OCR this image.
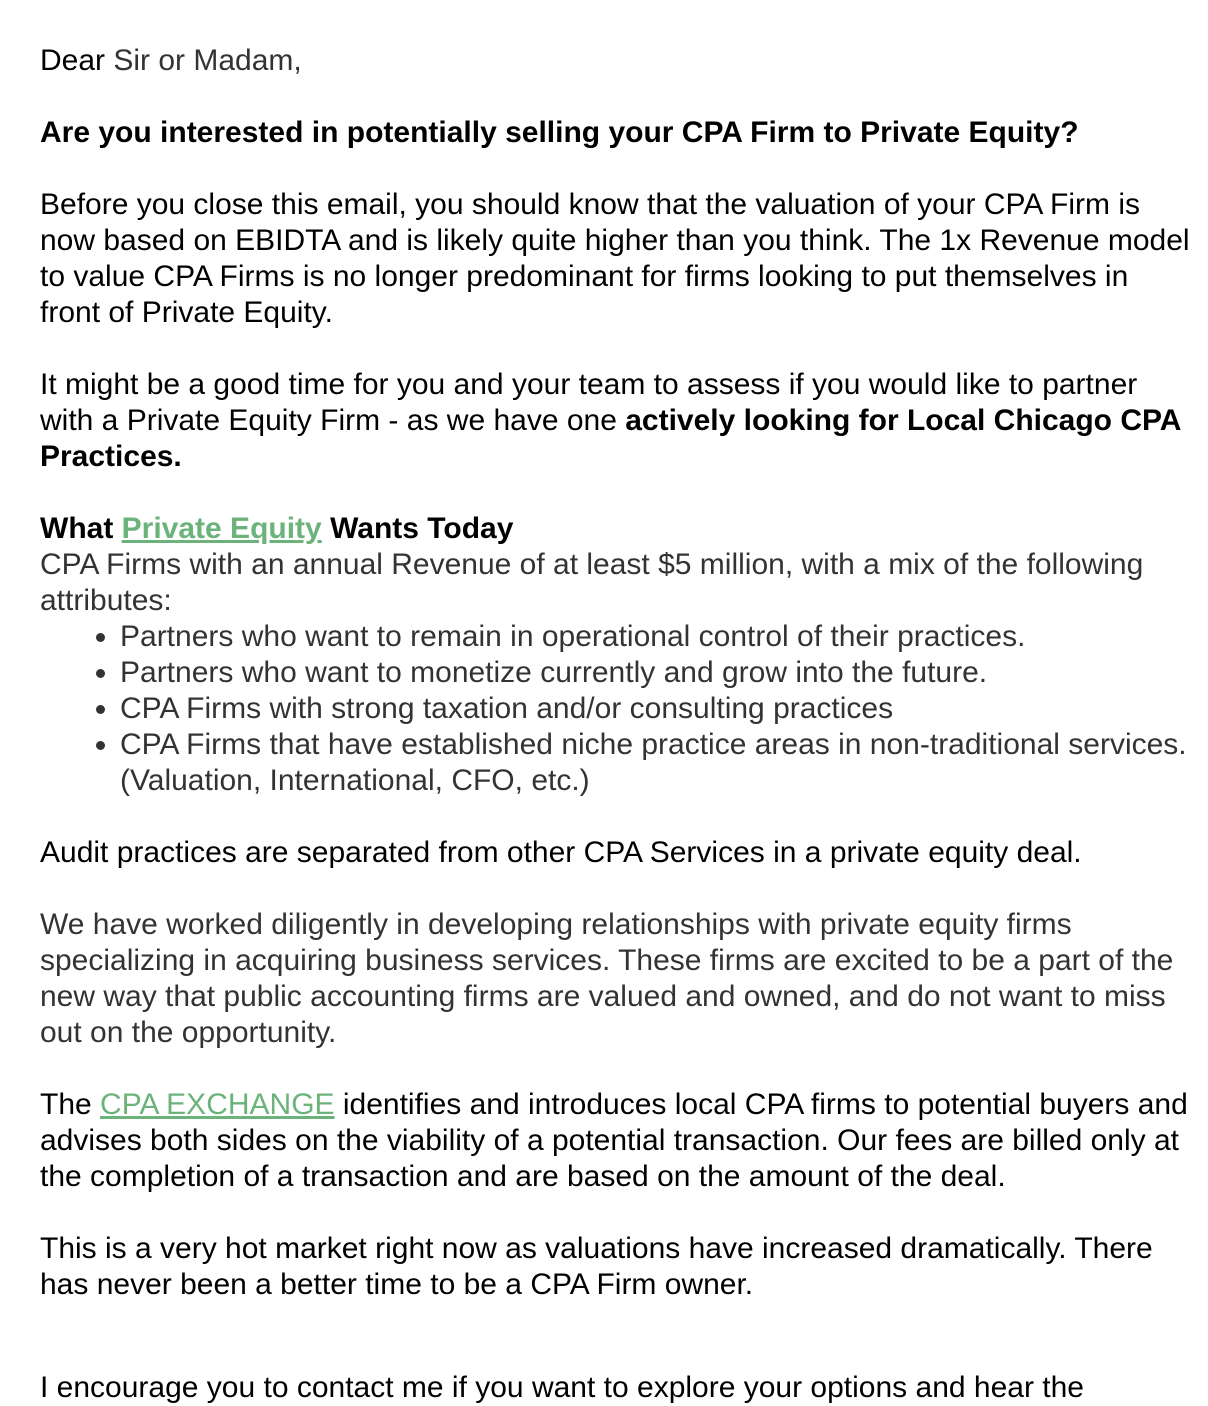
Dear Sir or Madam,

Are you interested in potentially selling your CPA Firm to Private Equity?

Before you close this email, you should know that the valuation of your CPA Firm is now based on EBIDTA and is likely quite higher than you think. The 1x Revenue model to value CPA Firms is no longer predominant for firms looking to put themselves in front of Private Equity.

It might be a good time for you and your team to assess if you would like to partner with a Private Equity Firm - as we have one actively looking for Local Chicago CPA Practices.

What Private Equity Wants Today
CPA Firms with an annual Revenue of at least $5 million, with a mix of the following attributes:
• Partners who want to remain in operational control of their practices.
• Partners who want to monetize currently and grow into the future.
• CPA Firms with strong taxation and/or consulting practices
• CPA Firms that have established niche practice areas in non-traditional services. (Valuation, International, CFO, etc.)

Audit practices are separated from other CPA Services in a private equity deal.

We have worked diligently in developing relationships with private equity firms specializing in acquiring business services. These firms are excited to be a part of the new way that public accounting firms are valued and owned, and do not want to miss out on the opportunity.

The CPA EXCHANGE identifies and introduces local CPA firms to potential buyers and advises both sides on the viability of a potential transaction. Our fees are billed only at the completion of a transaction and are based on the amount of the deal.

This is a very hot market right now as valuations have increased dramatically. There has never been a better time to be a CPA Firm owner.

I encourage you to contact me if you want to explore your options and hear the
